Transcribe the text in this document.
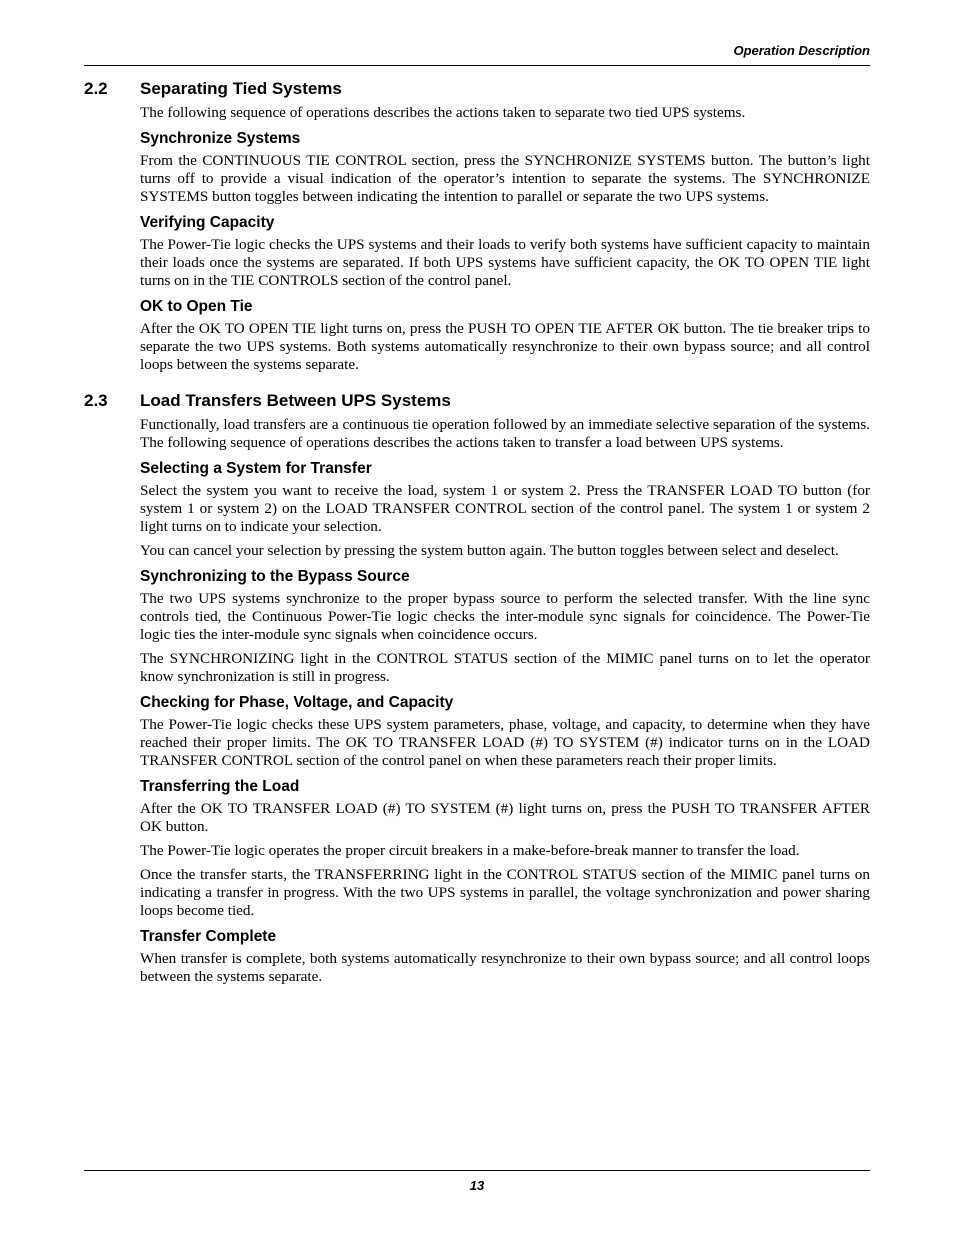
Operation Description
2.2	Separating Tied Systems

The following sequence of operations describes the actions taken to separate two tied UPS systems.

Synchronize Systems

From the CONTINUOUS TIE CONTROL section, press the SYNCHRONIZE SYSTEMS button. The button’s light turns off to provide a visual indication of the operator’s intention to separate the systems. The SYNCHRONIZE SYSTEMS button toggles between indicating the intention to parallel or separate the two UPS systems.

Verifying Capacity

The Power-Tie logic checks the UPS systems and their loads to verify both systems have sufficient capacity to maintain their loads once the systems are separated. If both UPS systems have sufficient capacity, the OK TO OPEN TIE light turns on in the TIE CONTROLS section of the control panel.

OK to Open Tie

After the OK TO OPEN TIE light turns on, press the PUSH TO OPEN TIE AFTER OK button. The tie breaker trips to separate the two UPS systems. Both systems automatically resynchronize to their own bypass source; and all control loops between the systems separate.

2.3	Load Transfers Between UPS Systems

Functionally, load transfers are a continuous tie operation followed by an immediate selective separation of the systems. The following sequence of operations describes the actions taken to transfer a load between UPS systems.

Selecting a System for Transfer

Select the system you want to receive the load, system 1 or system 2. Press the TRANSFER LOAD TO button (for system 1 or system 2) on the LOAD TRANSFER CONTROL section of the control panel. The system 1 or system 2 light turns on to indicate your selection.

You can cancel your selection by pressing the system button again. The button toggles between select and deselect.

Synchronizing to the Bypass Source

The two UPS systems synchronize to the proper bypass source to perform the selected transfer. With the line sync controls tied, the Continuous Power-Tie logic checks the inter-module sync signals for coincidence. The Power-Tie logic ties the inter-module sync signals when coincidence occurs.

The SYNCHRONIZING light in the CONTROL STATUS section of the MIMIC panel turns on to let the operator know synchronization is still in progress.

Checking for Phase, Voltage, and Capacity

The Power-Tie logic checks these UPS system parameters, phase, voltage, and capacity, to determine when they have reached their proper limits. The OK TO TRANSFER LOAD (#) TO SYSTEM (#) indicator turns on in the LOAD TRANSFER CONTROL section of the control panel on when these parameters reach their proper limits.

Transferring the Load

After the OK TO TRANSFER LOAD (#) TO SYSTEM (#) light turns on, press the PUSH TO TRANSFER AFTER OK button.

The Power-Tie logic operates the proper circuit breakers in a make-before-break manner to transfer the load.

Once the transfer starts, the TRANSFERRING light in the CONTROL STATUS section of the MIMIC panel turns on indicating a transfer in progress. With the two UPS systems in parallel, the voltage synchronization and power sharing loops become tied.

Transfer Complete

When transfer is complete, both systems automatically resynchronize to their own bypass source; and all control loops between the systems separate.

13
